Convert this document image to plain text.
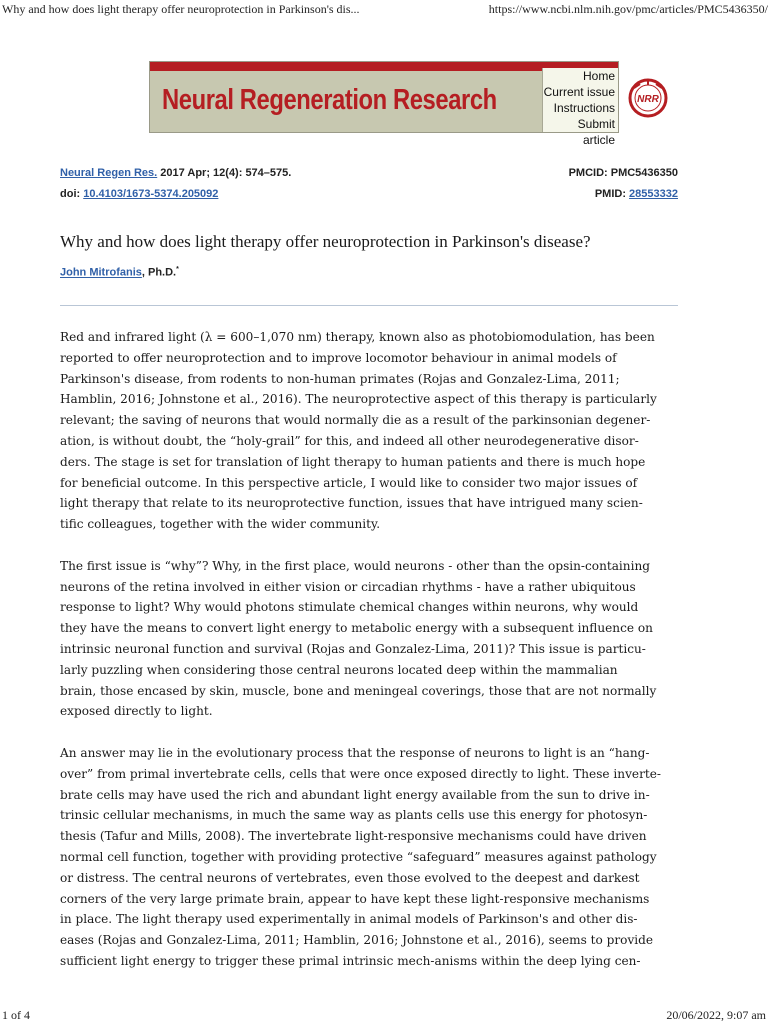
Why and how does light therapy offer neuroprotection in Parkinson's dis...	https://www.ncbi.nlm.nih.gov/pmc/articles/PMC5436350/
Neural Regeneration Research	NRR
Home
Current issue
Instructions
Submit article
Neural Regen Res. 2017 Apr; 12(4): 574–575.
doi: 10.4103/1673-5374.205092
PMCID: PMC5436350
PMID: 28553332
Why and how does light therapy offer neuroprotection in Parkinson's disease?
John Mitrofanis, Ph.D.*

Red and infrared light (λ = 600–1,070 nm) therapy, known also as photobiomodulation, has been
reported to offer neuroprotection and to improve locomotor behaviour in animal models of
Parkinson's disease, from rodents to non-human primates (Rojas and Gonzalez-Lima, 2011;
Hamblin, 2016; Johnstone et al., 2016). The neuroprotective aspect of this therapy is particularly
relevant; the saving of neurons that would normally die as a result of the parkinsonian degener-
ation, is without doubt, the “holy-grail” for this, and indeed all other neurodegenerative disor-
ders. The stage is set for translation of light therapy to human patients and there is much hope
for beneficial outcome. In this perspective article, I would like to consider two major issues of
light therapy that relate to its neuroprotective function, issues that have intrigued many scien-
tific colleagues, together with the wider community.

The first issue is “why”? Why, in the first place, would neurons - other than the opsin-containing
neurons of the retina involved in either vision or circadian rhythms - have a rather ubiquitous
response to light? Why would photons stimulate chemical changes within neurons, why would
they have the means to convert light energy to metabolic energy with a subsequent influence on
intrinsic neuronal function and survival (Rojas and Gonzalez-Lima, 2011)? This issue is particu-
larly puzzling when considering those central neurons located deep within the mammalian
brain, those encased by skin, muscle, bone and meningeal coverings, those that are not normally
exposed directly to light.

An answer may lie in the evolutionary process that the response of neurons to light is an “hang-
over” from primal invertebrate cells, cells that were once exposed directly to light. These inverte-
brate cells may have used the rich and abundant light energy available from the sun to drive in-
trinsic cellular mechanisms, in much the same way as plants cells use this energy for photosyn-
thesis (Tafur and Mills, 2008). The invertebrate light-responsive mechanisms could have driven
normal cell function, together with providing protective “safeguard” measures against pathology
or distress. The central neurons of vertebrates, even those evolved to the deepest and darkest
corners of the very large primate brain, appear to have kept these light-responsive mechanisms
in place. The light therapy used experimentally in animal models of Parkinson's and other dis-
eases (Rojas and Gonzalez-Lima, 2011; Hamblin, 2016; Johnstone et al., 2016), seems to provide
sufficient light energy to trigger these primal intrinsic mech-anisms within the deep lying cen-

1 of 4	20/06/2022, 9:07 am
